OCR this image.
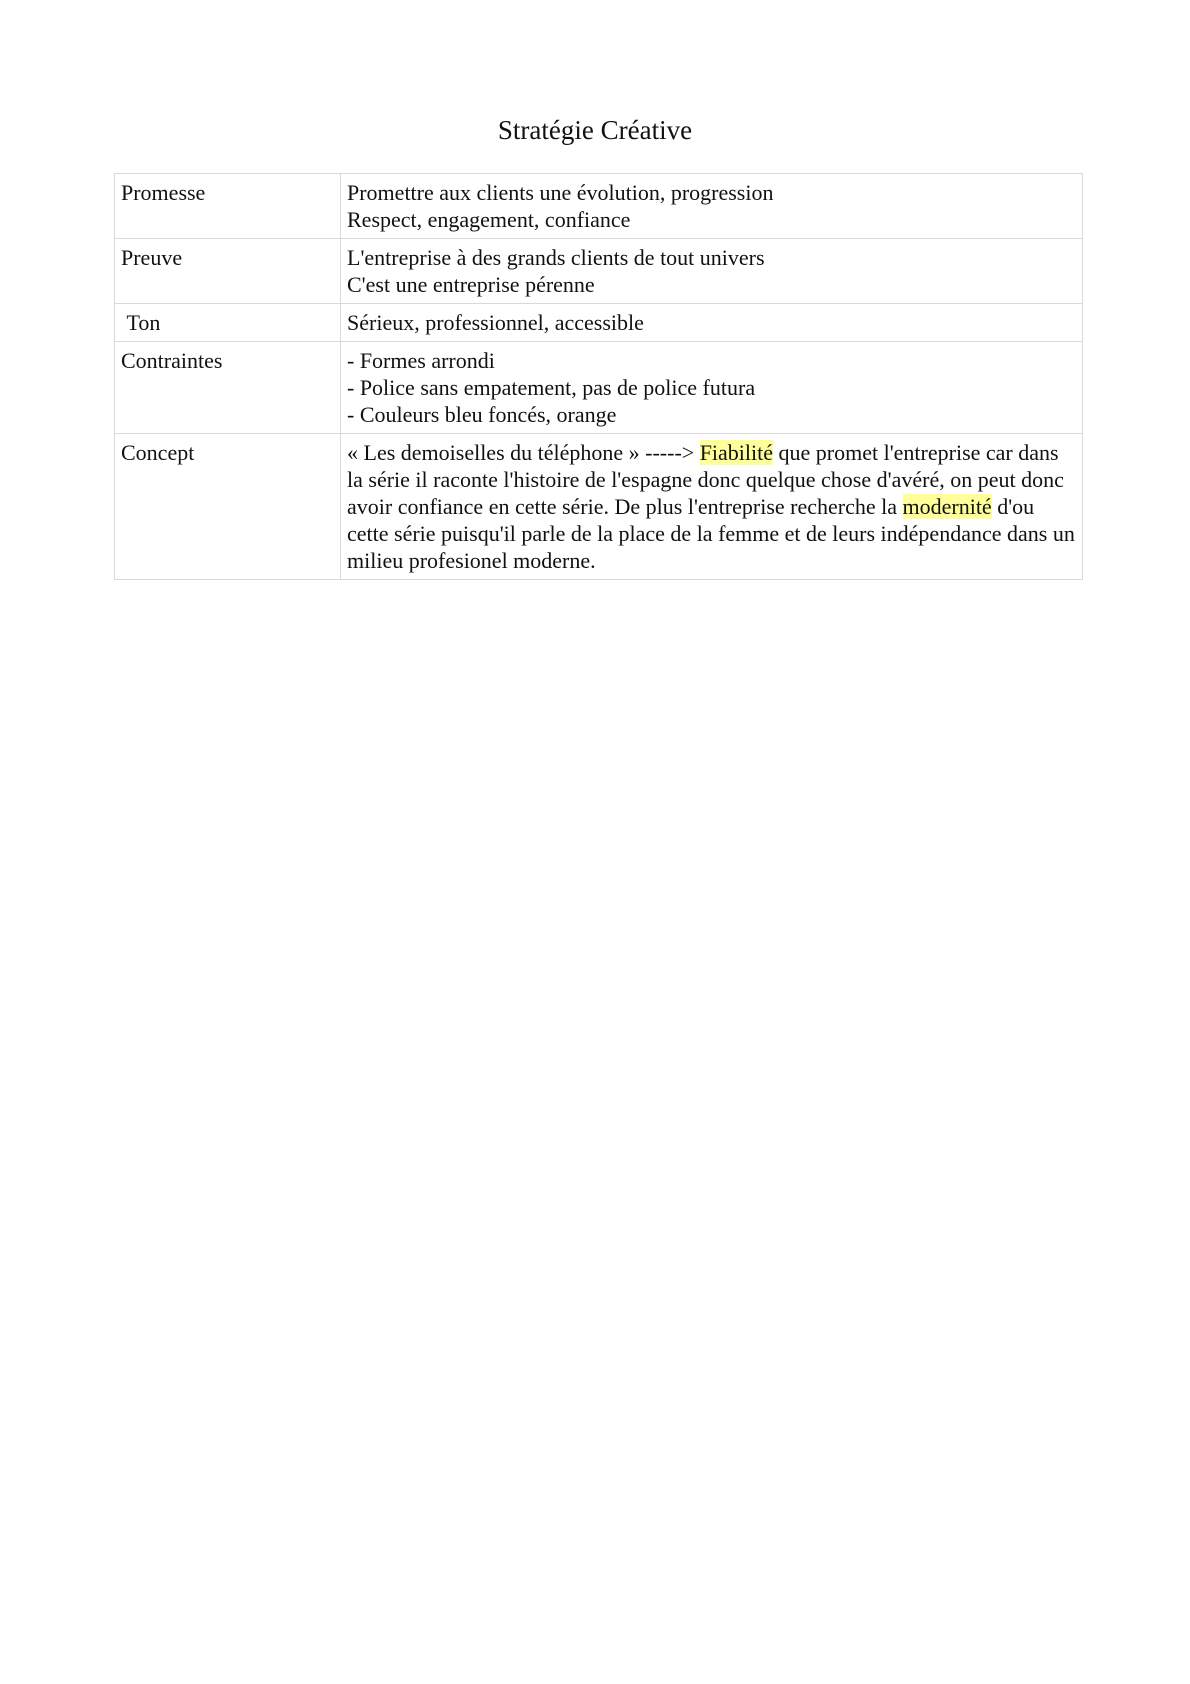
Stratégie Créative
Promesse	Promettre aux clients une évolution, progression
Respect, engagement, confiance

Preuve	L'entreprise à des grands clients de tout univers
C'est une entreprise pérenne

Ton	Sérieux, professionnel, accessible

Contraintes	- Formes arrondi
- Police sans empatement, pas de police futura
- Couleurs bleu foncés, orange

Concept	« Les demoiselles du téléphone » -----> Fiabilité que promet l'entreprise car dans la série il raconte l'histoire de l'espagne donc quelque chose d'avéré, on peut donc avoir confiance en cette série. De plus l'entreprise recherche la modernité d'ou cette série puisqu'il parle de la place de la femme et de leurs indépendance dans un milieu profesionel moderne.
